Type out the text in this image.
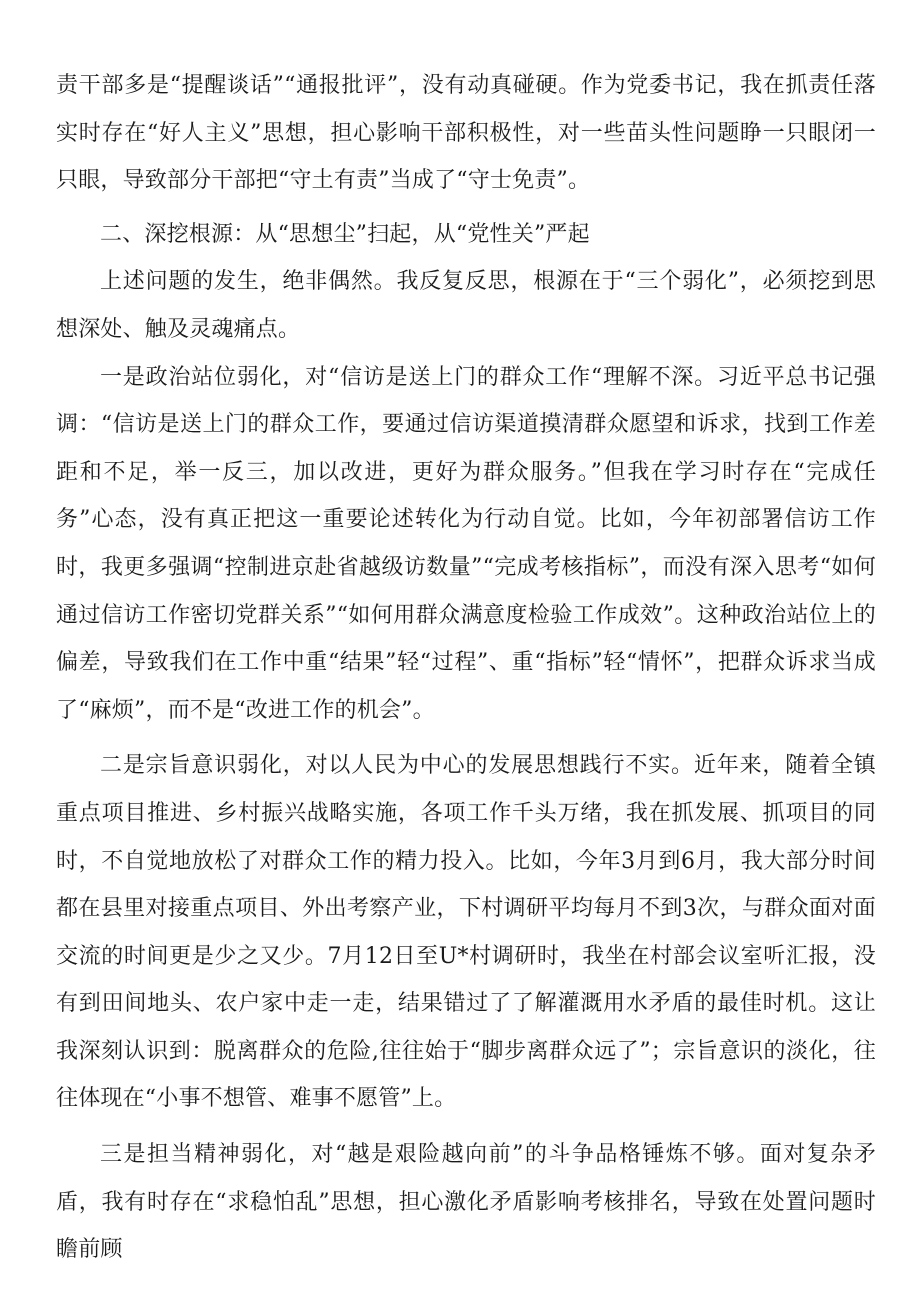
责干部多是“提醒谈话”“通报批评”，没有动真碰硬。作为党委书记，我在抓责任落实时存在“好人主义”思想，担心影响干部积极性，对一些苗头性问题睁一只眼闭一只眼，导致部分干部把“守土有责”当成了“守士免责”。

二、深挖根源：从“思想尘”扫起，从“党性关”严起

上述问题的发生，绝非偶然。我反复反思，根源在于“三个弱化”，必须挖到思想深处、触及灵魂痛点。

一是政治站位弱化，对“信访是送上门的群众工作“理解不深。习近平总书记强调：“信访是送上门的群众工作，要通过信访渠道摸清群众愿望和诉求，找到工作差距和不足，举一反三，加以改进，更好为群众服务。”但我在学习时存在“完成任务”心态，没有真正把这一重要论述转化为行动自觉。比如，今年初部署信访工作时，我更多强调“控制进京赴省越级访数量”“完成考核指标”，而没有深入思考“如何通过信访工作密切党群关系”“如何用群众满意度检验工作成效”。这种政治站位上的偏差，导致我们在工作中重“结果”轻“过程”、重“指标”轻“情怀”，把群众诉求当成了“麻烦”，而不是“改进工作的机会”。

二是宗旨意识弱化，对以人民为中心的发展思想践行不实。近年来，随着全镇重点项目推进、乡村振兴战略实施，各项工作千头万绪，我在抓发展、抓项目的同时，不自觉地放松了对群众工作的精力投入。比如，今年3月到6月，我大部分时间都在县里对接重点项目、外出考察产业，下村调研平均每月不到3次，与群众面对面交流的时间更是少之又少。7月12日至U*村调研时，我坐在村部会议室听汇报，没有到田间地头、农户家中走一走，结果错过了了解灌溉用水矛盾的最佳时机。这让我深刻认识到：脱离群众的危险,往往始于“脚步离群众远了”；宗旨意识的淡化，往往体现在“小事不想管、难事不愿管”上。

三是担当精神弱化，对“越是艰险越向前”的斗争品格锤炼不够。面对复杂矛盾，我有时存在“求稳怕乱”思想，担心激化矛盾影响考核排名，导致在处置问题时瞻前顾
